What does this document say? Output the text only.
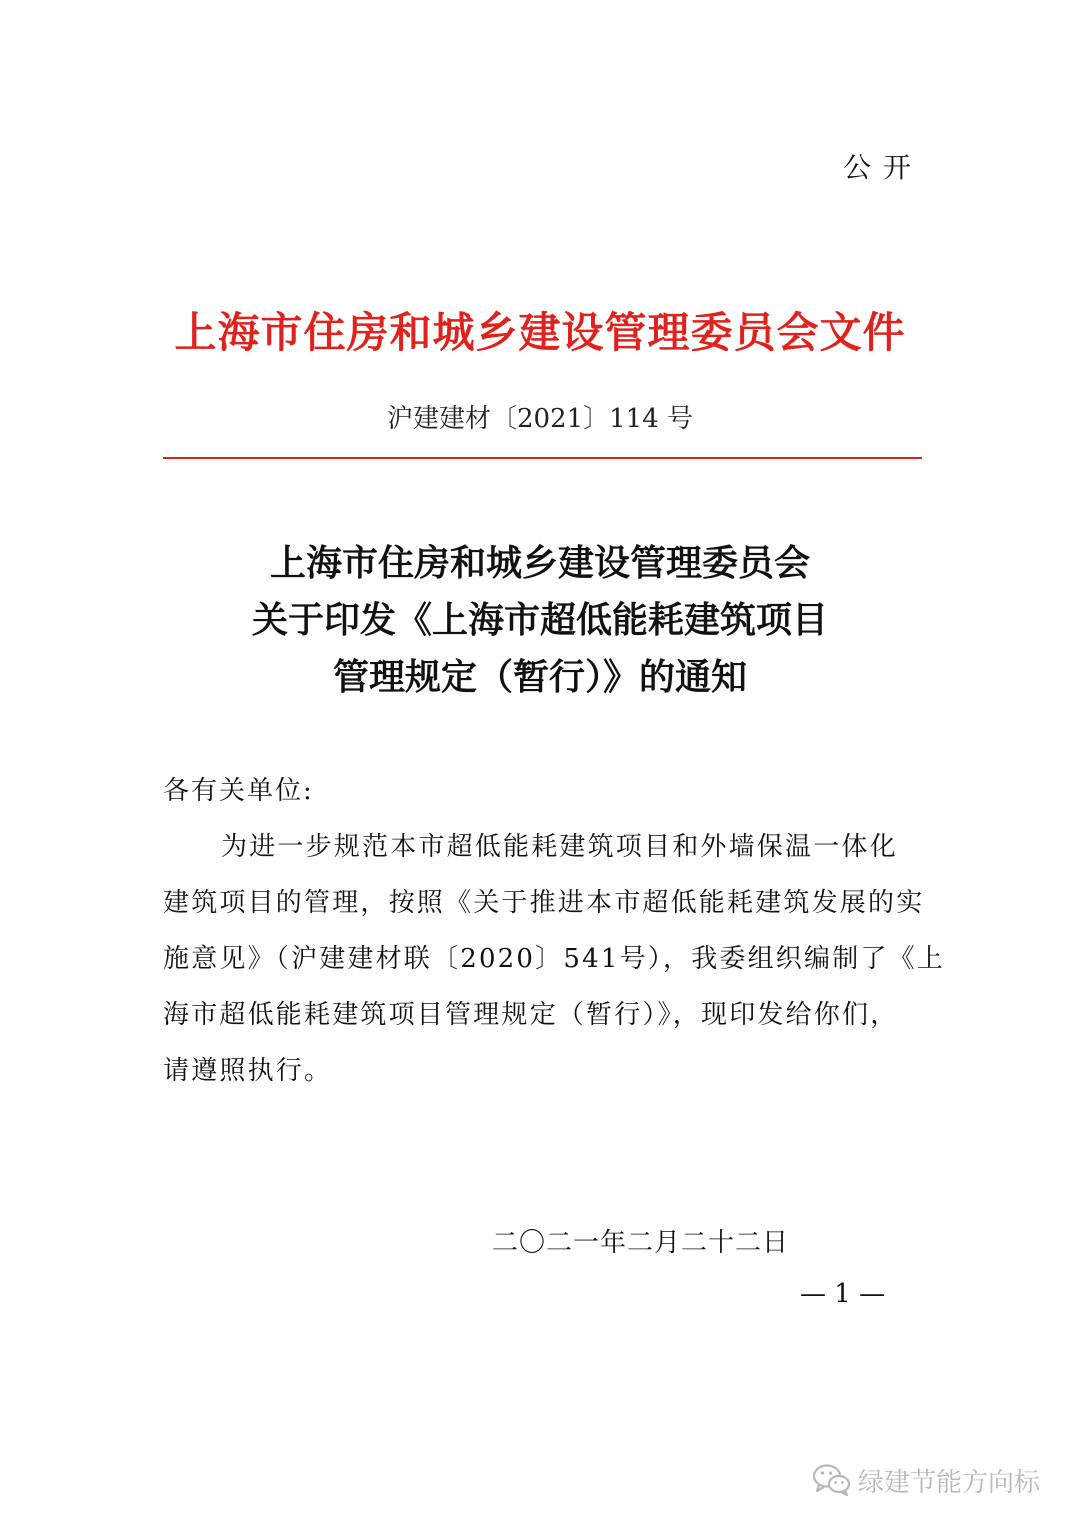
公开
上海市住房和城乡建设管理委员会文件
沪建建材〔2021〕114 号
上海市住房和城乡建设管理委员会
关于印发《上海市超低能耗建筑项目
管理规定（暂行）》的通知
各有关单位:
为进一步规范本市超低能耗建筑项目和外墙保温一体化
建筑项目的管理，按照《关于推进本市超低能耗建筑发展的实
施意见》（沪建建材联〔2020〕541号），我委组织编制了《上
海市超低能耗建筑项目管理规定（暂行）》，现印发给你们，
请遵照执行。
二〇二一年二月二十二日
— 1 —
绿建节能方向标
